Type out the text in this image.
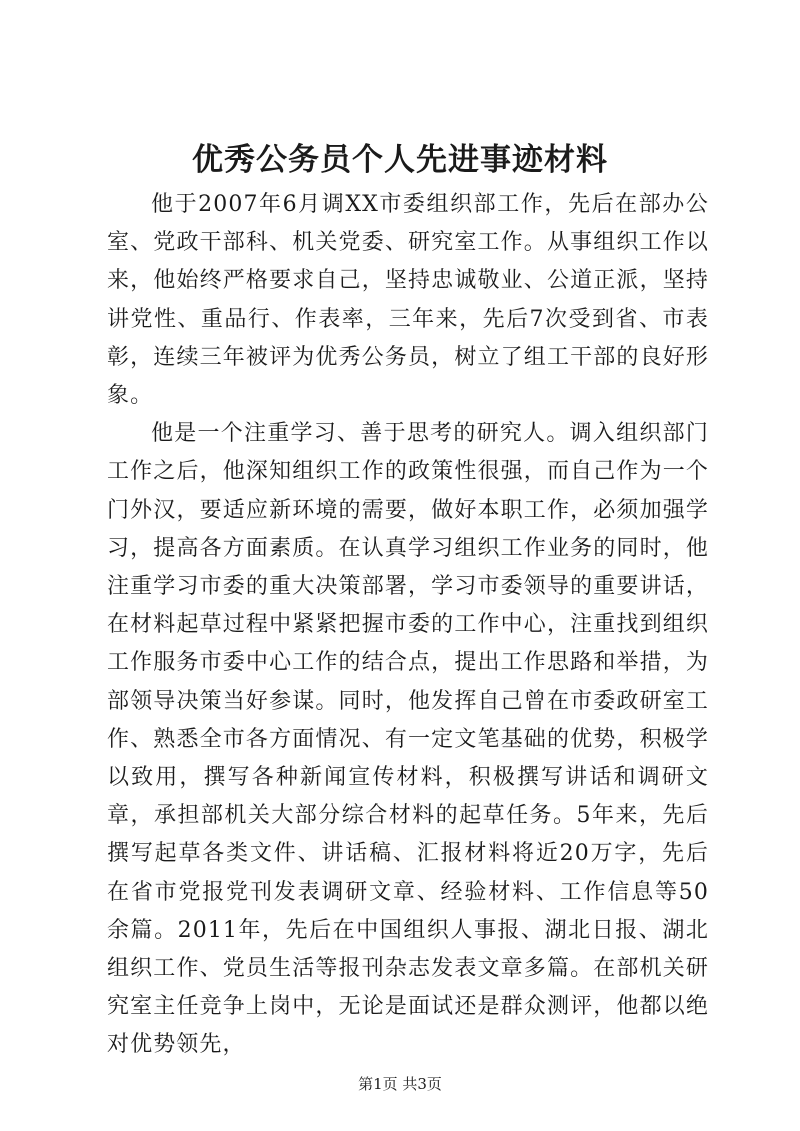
优秀公务员个人先进事迹材料

他于2007年6月调XX市委组织部工作，先后在部办公室、党政干部科、机关党委、研究室工作。从事组织工作以来，他始终严格要求自己，坚持忠诚敬业、公道正派，坚持讲党性、重品行、作表率，三年来，先后7次受到省、市表彰，连续三年被评为优秀公务员，树立了组工干部的良好形象。

他是一个注重学习、善于思考的研究人。调入组织部门工作之后，他深知组织工作的政策性很强，而自己作为一个门外汉，要适应新环境的需要，做好本职工作，必须加强学习，提高各方面素质。在认真学习组织工作业务的同时，他注重学习市委的重大决策部署，学习市委领导的重要讲话，在材料起草过程中紧紧把握市委的工作中心，注重找到组织工作服务市委中心工作的结合点，提出工作思路和举措，为部领导决策当好参谋。同时，他发挥自己曾在市委政研室工作、熟悉全市各方面情况、有一定文笔基础的优势，积极学以致用，撰写各种新闻宣传材料，积极撰写讲话和调研文章，承担部机关大部分综合材料的起草任务。5年来，先后撰写起草各类文件、讲话稿、汇报材料将近20万字，先后在省市党报党刊发表调研文章、经验材料、工作信息等50余篇。2011年，先后在中国组织人事报、湖北日报、湖北组织工作、党员生活等报刊杂志发表文章多篇。在部机关研究室主任竞争上岗中，无论是面试还是群众测评，他都以绝对优势领先，

第1页 共3页
